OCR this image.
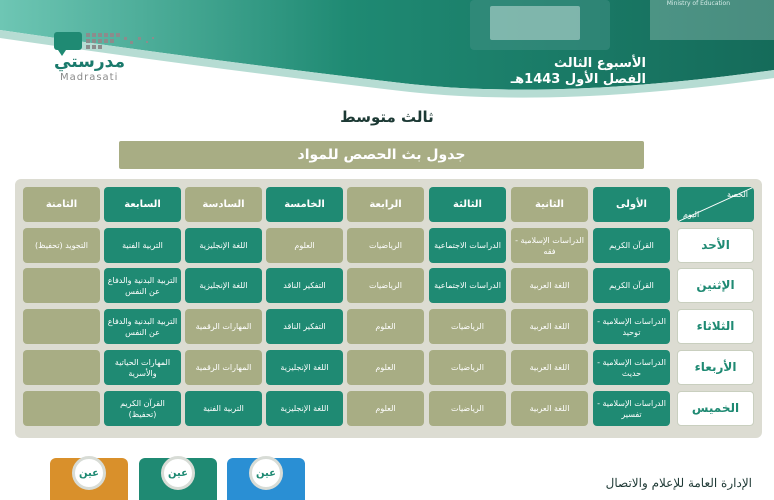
Ministry of Education
الأسبوع الثالث
الفصل الأول 1443هـ
مدرستي
Madrasati
ثالث متوسط
جدول بث الحصص للمواد
الحصة
اليوم
الأولى
الثانية
الثالثة
الرابعة
الخامسة
السادسة
السابعة
الثامنة
الأحد
القرآن الكريم
الدراسات الإسلامية - فقه
الدراسات الاجتماعية
الرياضيات
العلوم
اللغة الإنجليزية
التربية الفنية
التجويد (تحفيظ)
الإثنين
القرآن الكريم
اللغة العربية
الدراسات الاجتماعية
الرياضيات
التفكير الناقد
اللغة الإنجليزية
التربية البدنية والدفاع عن النفس
الثلاثاء
الدراسات الإسلامية - توحيد
اللغة العربية
الرياضيات
العلوم
التفكير الناقد
المهارات الرقمية
التربية البدنية والدفاع عن النفس
الأربعاء
الدراسات الإسلامية - حديث
اللغة العربية
الرياضيات
العلوم
اللغة الإنجليزية
المهارات الرقمية
المهارات الحياتية والأسرية
الخميس
الدراسات الإسلامية - تفسير
اللغة العربية
الرياضيات
العلوم
اللغة الإنجليزية
التربية الفنية
القرآن الكريم (تحفيظ)
عين
عين
عين
الإدارة العامة للإعلام والاتصال
